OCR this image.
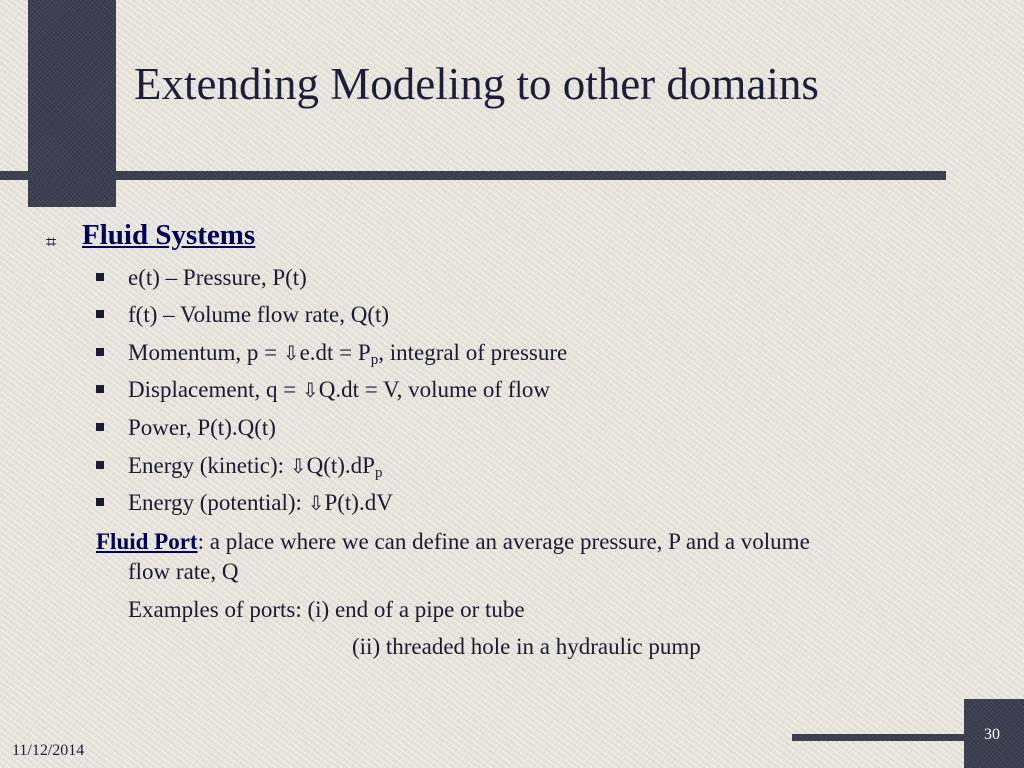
Extending Modeling to other domains
⌗ Fluid Systems
e(t) – Pressure, P(t)
f(t) – Volume flow rate, Q(t)
Momentum, p = ⇩e.dt = $P_p$, integral of pressure
Displacement, q = ⇩Q.dt = V, volume of flow
Power, P(t).Q(t)
Energy (kinetic): $⇩Q(t).dP_p$
Energy (potential): ⇩P(t).dV
Fluid Port: a place where we can define an average pressure, P and a volume
flow rate, Q
Examples of ports: (i) end of a pipe or tube
(ii) threaded hole in a hydraulic pump
30
11/12/2014
